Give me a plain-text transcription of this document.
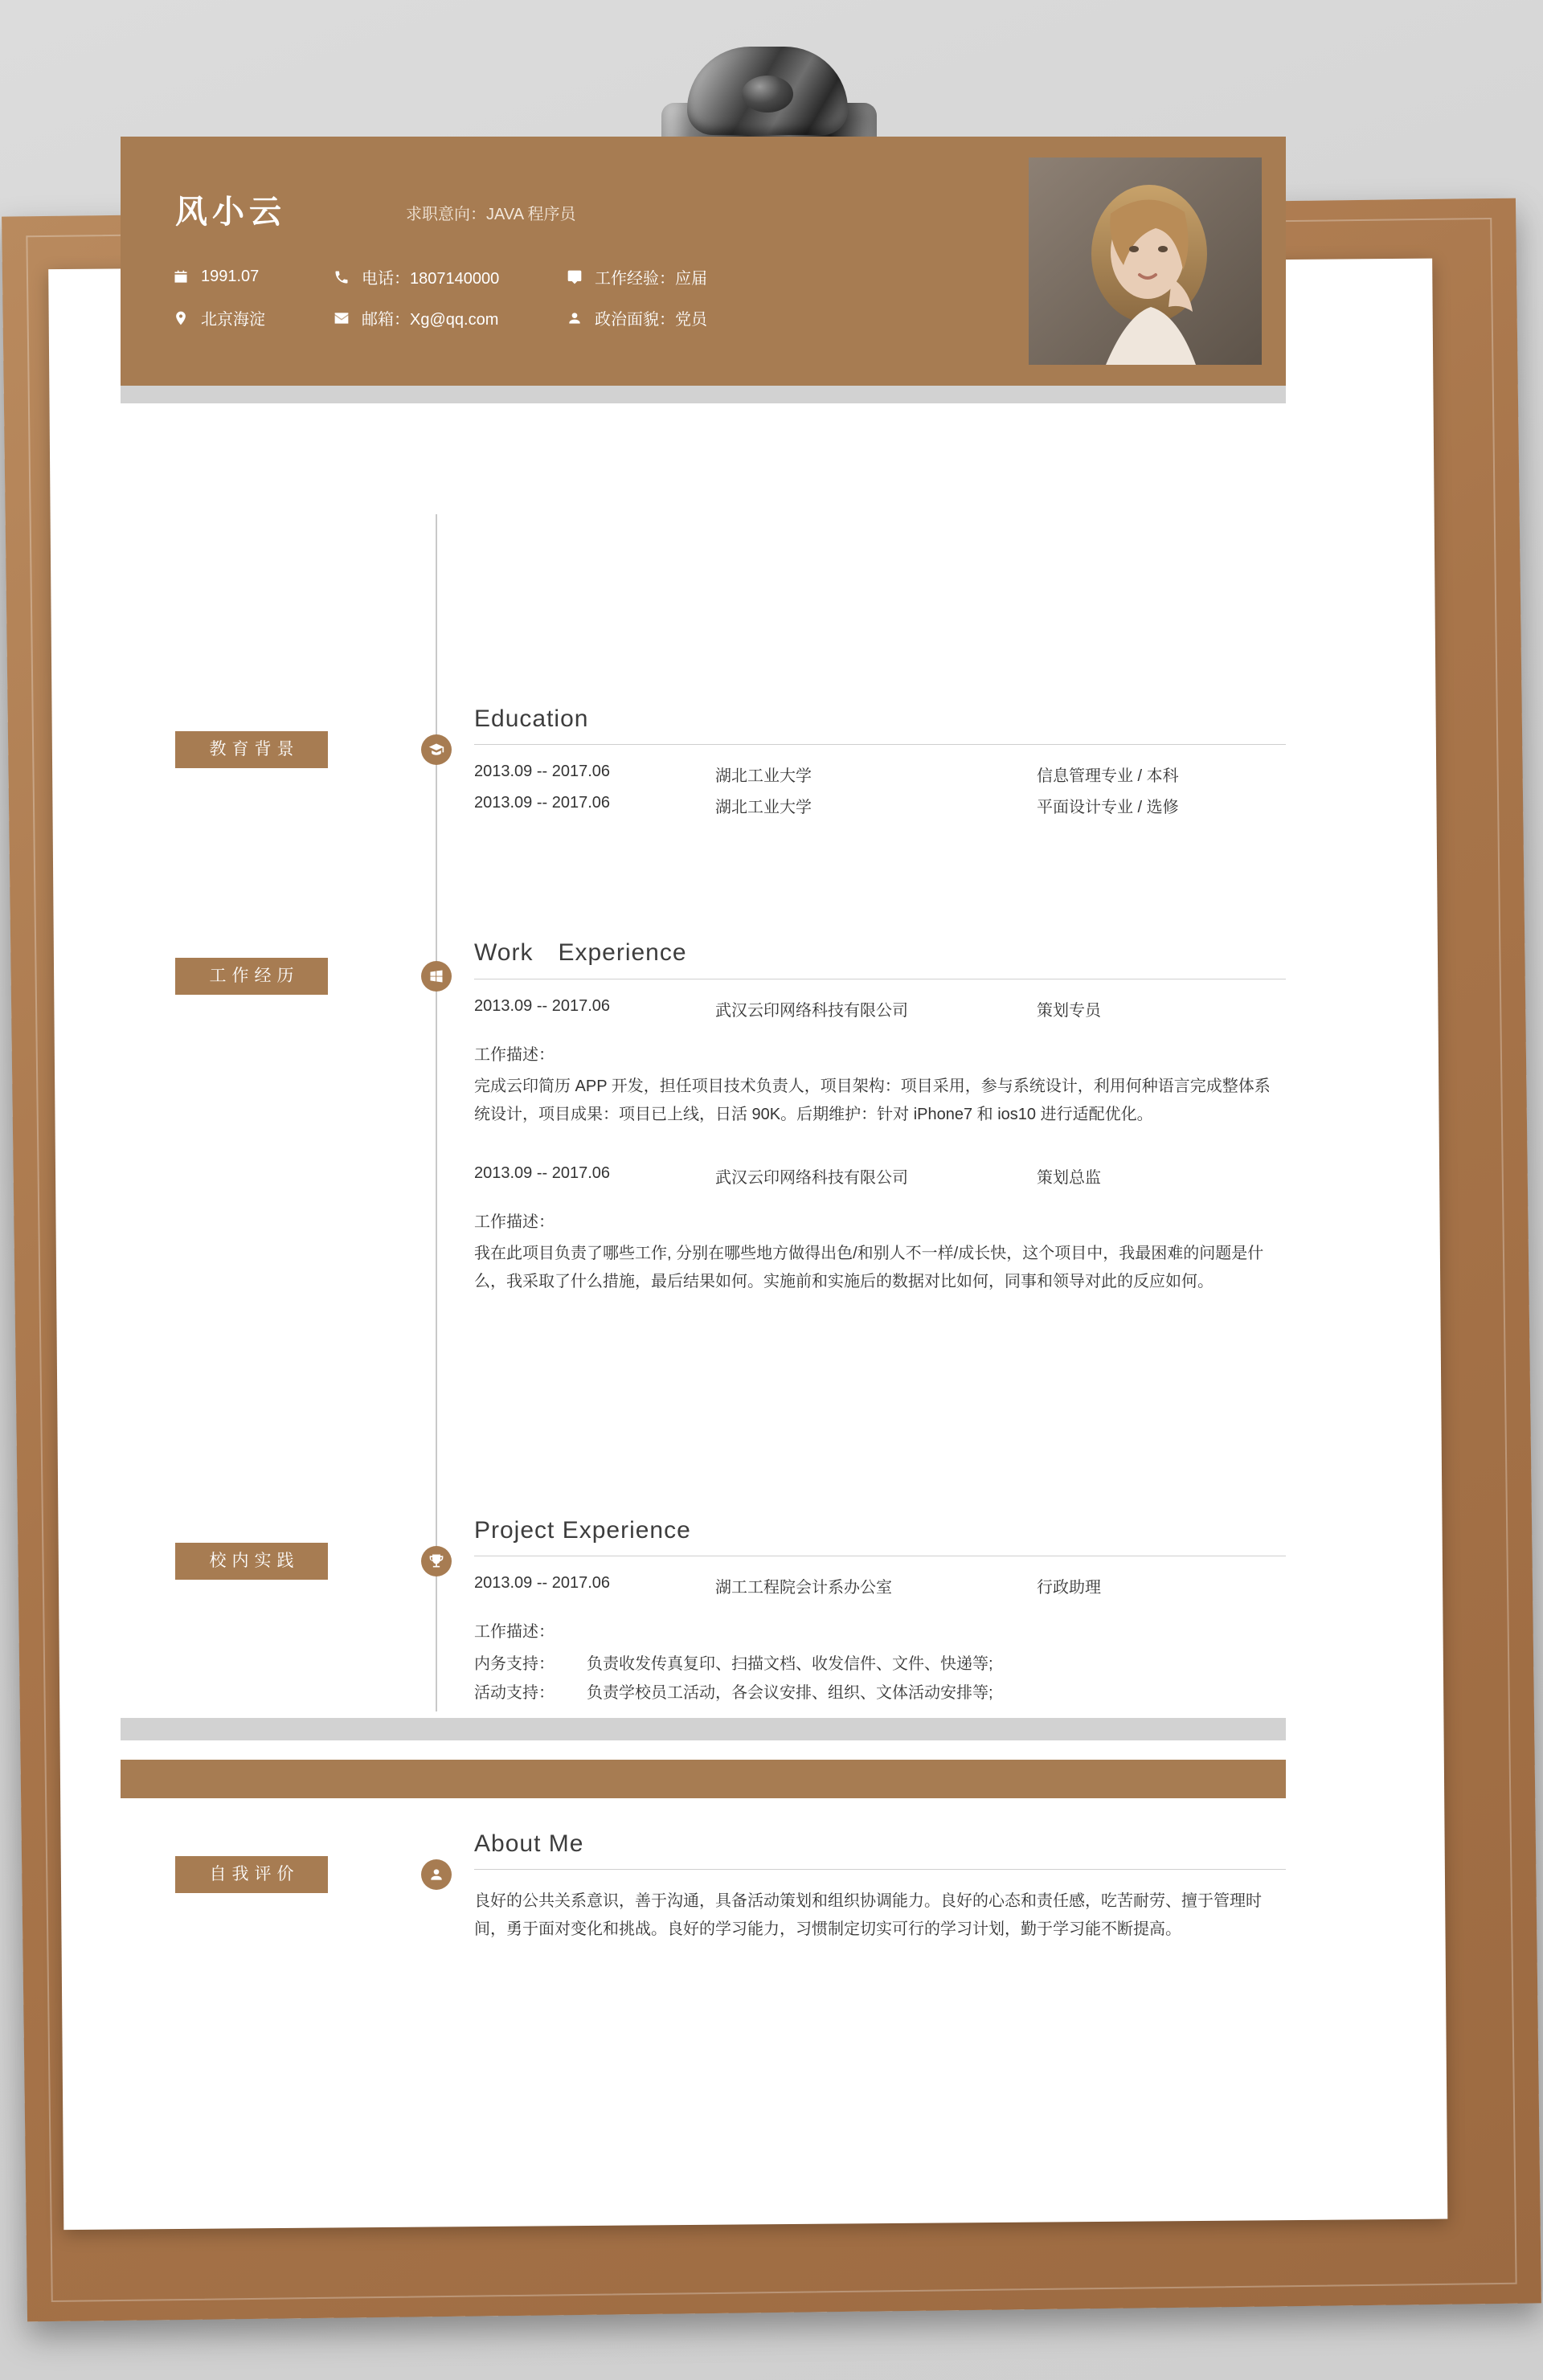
风小云	求职意向：JAVA 程序员
1991.07	电话：1807140000	工作经验：应届
北京海淀	邮箱：Xg@qq.com	政治面貌：党员
教育背景
Education
2013.09 -- 2017.06	湖北工业大学	信息管理专业 / 本科
2013.09 -- 2017.06	湖北工业大学	平面设计专业 / 选修
工作经历
Work　Experience
2013.09 -- 2017.06	武汉云印网络科技有限公司	策划专员
工作描述：
完成云印简历 APP 开发，担任项目技术负责人，项目架构：项目采用，参与系统设计，利用何种语言完成整体系统设计，项目成果：项目已上线，日活 90K。后期维护：针对 iPhone7 和 ios10 进行适配优化。
2013.09 -- 2017.06	武汉云印网络科技有限公司	策划总监
工作描述：
我在此项目负责了哪些工作, 分别在哪些地方做得出色/和别人不一样/成长快，这个项目中，我最困难的问题是什么，我采取了什么措施，最后结果如何。实施前和实施后的数据对比如何，同事和领导对此的反应如何。
校内实践
Project Experience
2013.09 -- 2017.06	湖工工程院会计系办公室	行政助理
工作描述：
内务支持：	负责收发传真复印、扫描文档、收发信件、文件、快递等;
活动支持：	负责学校员工活动，各会议安排、组织、文体活动安排等;
自我评价
About Me
良好的公共关系意识，善于沟通，具备活动策划和组织协调能力。良好的心态和责任感，吃苦耐劳、擅于管理时间，勇于面对变化和挑战。良好的学习能力，习惯制定切实可行的学习计划，勤于学习能不断提高。
